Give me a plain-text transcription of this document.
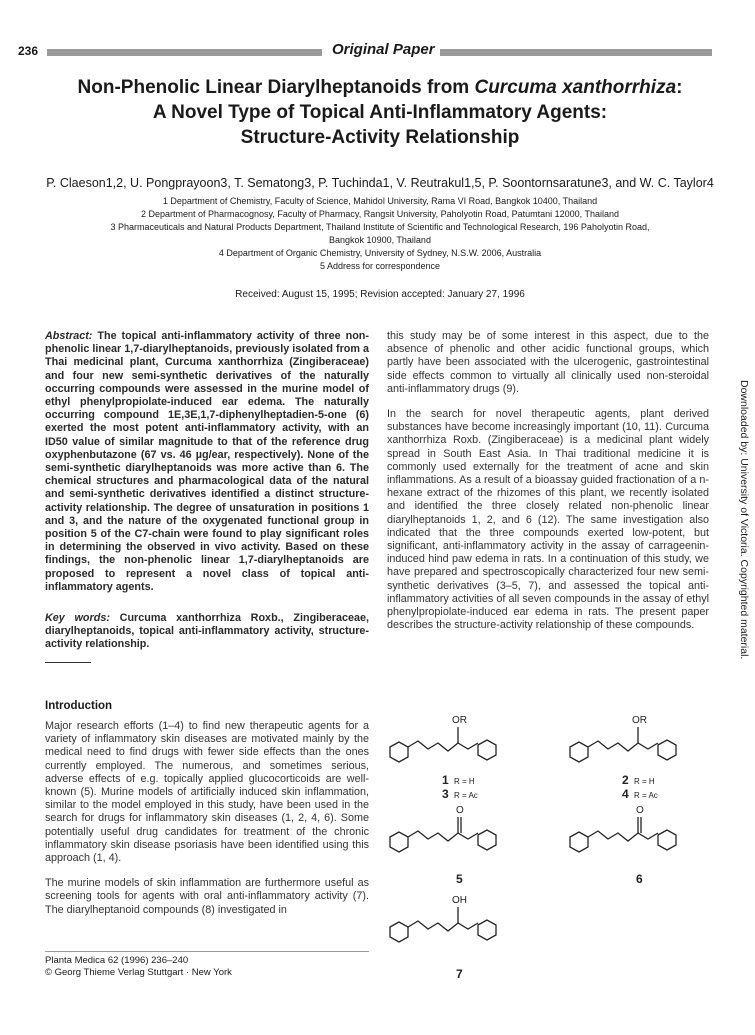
236	Original Paper
Non-Phenolic Linear Diarylheptanoids from Curcuma xanthorrhiza:
A Novel Type of Topical Anti-Inflammatory Agents:
Structure-Activity Relationship
P. Claeson1,2, U. Pongprayoon3, T. Sematong3, P. Tuchinda1, V. Reutrakul1,5, P. Soontornsaratune3, and W. C. Taylor4
1 Department of Chemistry, Faculty of Science, Mahidol University, Rama VI Road, Bangkok 10400, Thailand
2 Department of Pharmacognosy, Faculty of Pharmacy, Rangsit University, Paholyotin Road, Patumtani 12000, Thailand
3 Pharmaceuticals and Natural Products Department, Thailand Institute of Scientific and Technological Research, 196 Paholyotin Road,
Bangkok 10900, Thailand
4 Department of Organic Chemistry, University of Sydney, N.S.W. 2006, Australia
5 Address for correspondence
Received: August 15, 1995; Revision accepted: January 27, 1996
Abstract: The topical anti-inflammatory activity of three non-phenolic linear 1,7-diarylheptanoids, previously isolated from a Thai medicinal plant, Curcuma xanthorrhiza (Zingiberaceae) and four new semi-synthetic derivatives of the naturally occurring compounds were assessed in the murine model of ethyl phenylpropiolate-induced ear edema. The naturally occurring compound 1E,3E,1,7-diphenylheptadien-5-one (6) exerted the most potent anti-inflammatory activity, with an ID50 value of similar magnitude to that of the reference drug oxyphenbutazone (67 vs. 46 µg/ear, respectively). None of the semi-synthetic diarylheptanoids was more active than 6. The chemical structures and pharmacological data of the natural and semi-synthetic derivatives identified a distinct structure-activity relationship. The degree of unsaturation in positions 1 and 3, and the nature of the oxygenated functional group in position 5 of the C7-chain were found to play significant roles in determining the observed in vivo activity. Based on these findings, the non-phenolic linear 1,7-diarylheptanoids are proposed to represent a novel class of topical anti-inflammatory agents.
Key words: Curcuma xanthorrhiza Roxb., Zingiberaceae, diarylheptanoids, topical anti-inflammatory activity, structure-activity relationship.

this study may be of some interest in this aspect, due to the absence of phenolic and other acidic functional groups, which partly have been associated with the ulcerogenic, gastrointestinal side effects common to virtually all clinically used non-steroidal anti-inflammatory drugs (9).

In the search for novel therapeutic agents, plant derived substances have become increasingly important (10, 11). Curcuma xanthorrhiza Roxb. (Zingiberaceae) is a medicinal plant widely spread in South East Asia. In Thai traditional medicine it is commonly used externally for the treatment of acne and skin inflammations. As a result of a bioassay guided fractionation of a n-hexane extract of the rhizomes of this plant, we recently isolated and identified the three closely related non-phenolic linear diarylheptanoids 1, 2, and 6 (12). The same investigation also indicated that the three compounds exerted low-potent, but significant, anti-inflammatory activity in the assay of carrageenin-induced hind paw edema in rats. In a continuation of this study, we have prepared and spectroscopically characterized four new semi-synthetic derivatives (3–5, 7), and assessed the topical anti-inflammatory activities of all seven compounds in the assay of ethyl phenylpropiolate-induced ear edema in rats. The present paper describes the structure-activity relationship of these compounds.

Introduction

Major research efforts (1–4) to find new therapeutic agents for a variety of inflammatory skin diseases are motivated mainly by the medical need to find drugs with fewer side effects than the ones currently employed. The numerous, and sometimes serious, adverse effects of e.g. topically applied glucocorticoids are well-known (5). Murine models of artificially induced skin inflammation, similar to the model employed in this study, have been used in the search for drugs for inflammatory skin diseases (1, 2, 4, 6). Some potentially useful drug candidates for treatment of the chronic inflammatory skin disease psoriasis have been identified using this approach (1, 4).

The murine models of skin inflammation are furthermore useful as screening tools for agents with oral anti-inflammatory activity (7). The diarylheptanoid compounds (8) investigated in

OR
1 R = H
3 R = Ac
OR
2 R = H
4 R = Ac
O
5
O
6
OH
7
Planta Medica 62 (1996) 236–240
© Georg Thieme Verlag Stuttgart · New York
Downloaded by: University of Victoria. Copyrighted material.
